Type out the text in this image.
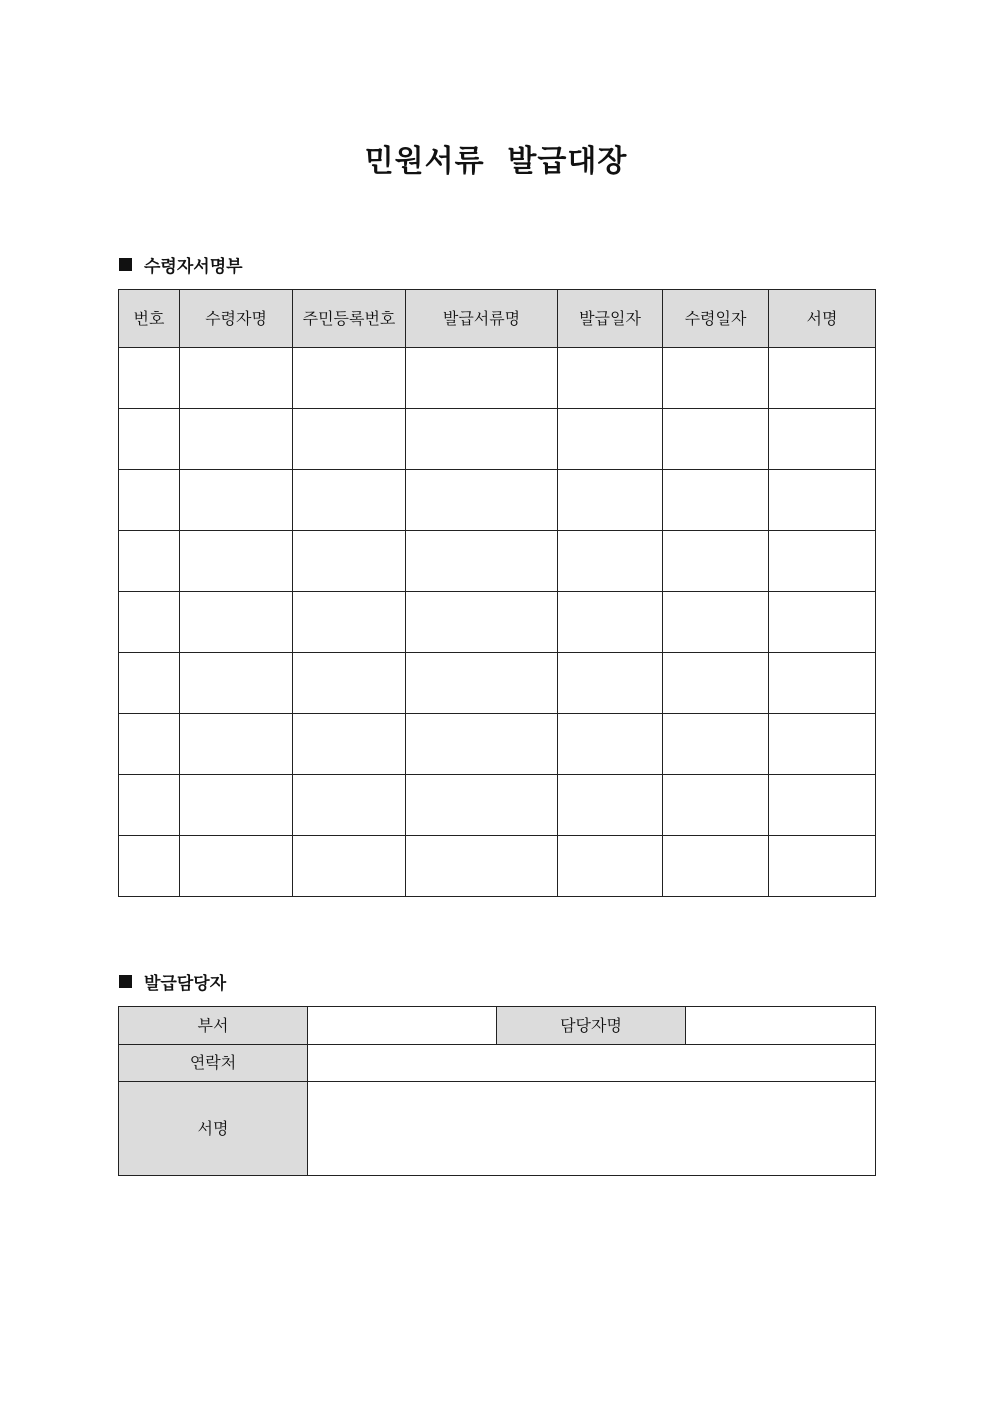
민원서류  발급대장
수령자서명부
번호	수령자명	주민등록번호	발급서류명	발급일자	수령일자	서명

발급담당자
부서		담당자명	
연락처			
서명			
